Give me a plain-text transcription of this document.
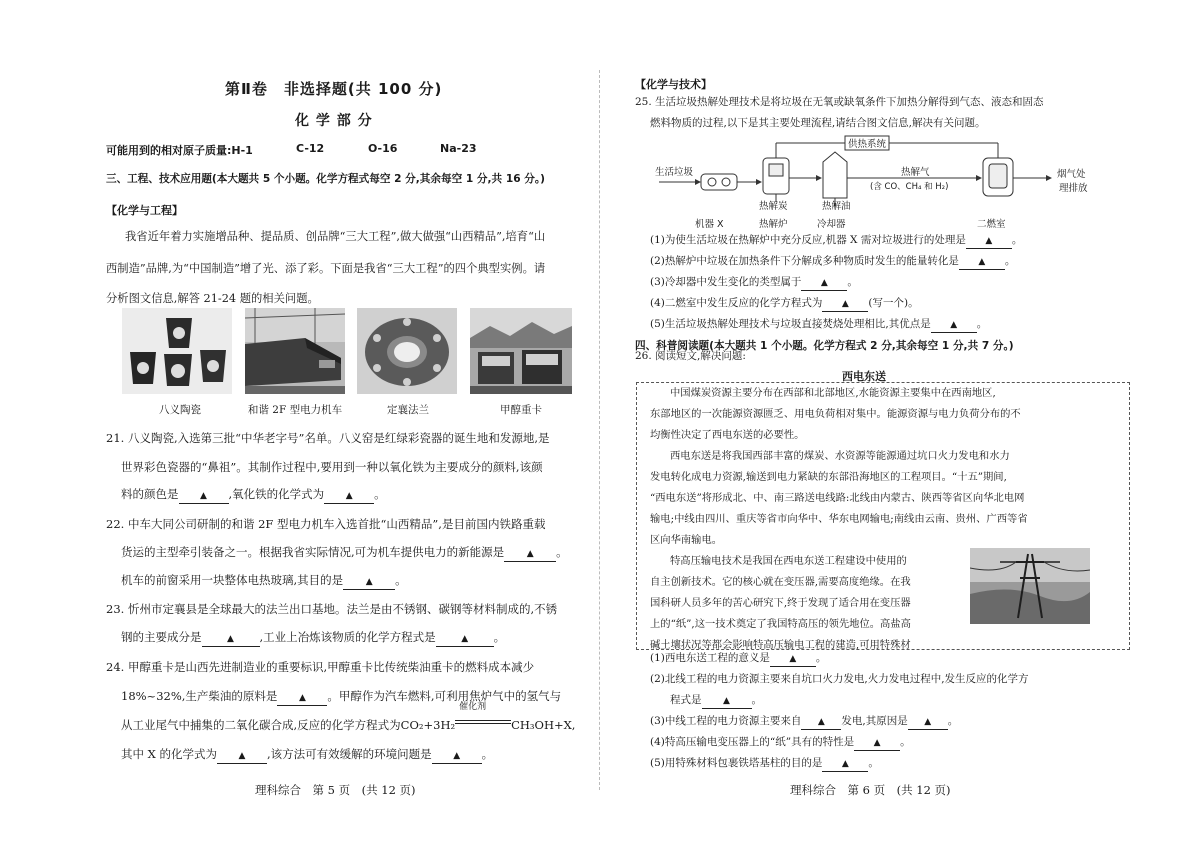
第Ⅱ卷　非选择题(共 100 分)
化 学 部 分
可能用到的相对原子质量:H-1	C-12	O-16	Na-23
三、工程、技术应用题(本大题共 5 个小题。化学方程式每空 2 分,其余每空 1 分,共 16 分。)
【化学与工程】
我省近年着力实施增品种、提品质、创品牌“三大工程”,做大做强“山西精品”,培育“山
西制造”品牌,为“中国制造”增了光、添了彩。下面是我省“三大工程”的四个典型实例。请
分析图文信息,解答 21-24 题的相关问题。
八义陶瓷	和谐 2F 型电力机车	定襄法兰	甲醇重卡
21. 八义陶瓷,入选第三批“中华老字号”名单。八义窑是红绿彩瓷器的诞生地和发源地,是
世界彩色瓷器的“鼻祖”。其制作过程中,要用到一种以氧化铁为主要成分的颜料,该颜
料的颜色是 ▲ ,氧化铁的化学式为 ▲ 。
22. 中车大同公司研制的和谐 2F 型电力机车入选首批“山西精品”,是目前国内铁路重载
货运的主型牵引装备之一。根据我省实际情况,可为机车提供电力的新能源是	▲ 。
机车的前窗采用一块整体电热玻璃,其目的是	▲ 。
23. 忻州市定襄县是全球最大的法兰出口基地。法兰是由不锈钢、碳钢等材料制成的,不锈
钢的主要成分是	▲ ,工业上冶炼该物质的化学方程式是	▲ 。
24. 甲醇重卡是山西先进制造业的重要标识,甲醇重卡比传统柴油重卡的燃料成本减少
18%~32%,生产柴油的原料是 ▲ 。甲醇作为汽车燃料,可利用焦炉气中的氢气与
从工业尾气中捕集的二氧化碳合成,反应的化学方程式为CO₂+3H₂
催化剂
CH₃OH+X,
其中 X 的化学式为 ▲ ,该方法可有效缓解的环境问题是 ▲ 。
理科综合　第 5 页　(共 12 页)
【化学与技术】
25. 生活垃圾热解处理技术是将垃圾在无氧或缺氧条件下加热分解得到气态、液态和固态
燃料物质的过程,以下是其主要处理流程,请结合图文信息,解决有关问题。
生活垃圾
供热系统
热解气
(含 CO、CH₄ 和 H₂)
烟气处
理排放
热解炭	热解油
机器 X	热解炉	冷却器	二燃室
(1)为使生活垃圾在热解炉中充分反应,机器 X 需对垃圾进行的处理是 ▲ 。
(2)热解炉中垃圾在加热条件下分解成多种物质时发生的能量转化是 ▲ 。
(3)冷却器中发生变化的类型属于 ▲ 。
(4)二燃室中发生反应的化学方程式为 ▲ (写一个)。
(5)生活垃圾热解处理技术与垃圾直接焚烧处理相比,其优点是 ▲ 。
四、科普阅读题(本大题共 1 个小题。化学方程式 2 分,其余每空 1 分,共 7 分。)
26. 阅读短文,解决问题:
西电东送
中国煤炭资源主要分布在西部和北部地区,水能资源主要集中在西南地区,
东部地区的一次能源资源匮乏、用电负荷相对集中。能源资源与电力负荷分布的不
均衡性决定了西电东送的必要性。
西电东送是将我国西部丰富的煤炭、水资源等能源通过坑口火力发电和水力
发电转化成电力资源,输送到电力紧缺的东部沿海地区的工程项目。“十五”期间,
“西电东送”将形成北、中、南三路送电线路:北线由内蒙古、陕西等省区向华北电网
输电;中线由四川、重庆等省市向华中、华东电网输电;南线由云南、贵州、广西等省
区向华南输电。
特高压输电技术是我国在西电东送工程建设中使用的
自主创新技术。它的核心就在变压器,需要高度绝缘。在我
国科研人员多年的苦心研究下,终于发现了适合用在变压器
上的“纸”,这一技术奠定了我国特高压的领先地位。高盐高
碱土壤状况等都会影响特高压输电工程的建造,可用特殊材
(1)西电东送工程的意义是 ▲ 。
(2)北线工程的电力资源主要来自坑口火力发电,火力发电过程中,发生反应的化学方
程式是 ▲ 。
(3)中线工程的电力资源主要来自 ▲ 发电,其原因是 ▲ 。
(4)特高压输电变压器上的“纸”具有的特性是 ▲ 。
(5)用特殊材料包裹铁塔基柱的目的是 ▲ 。
理科综合　第 6 页　(共 12 页)
